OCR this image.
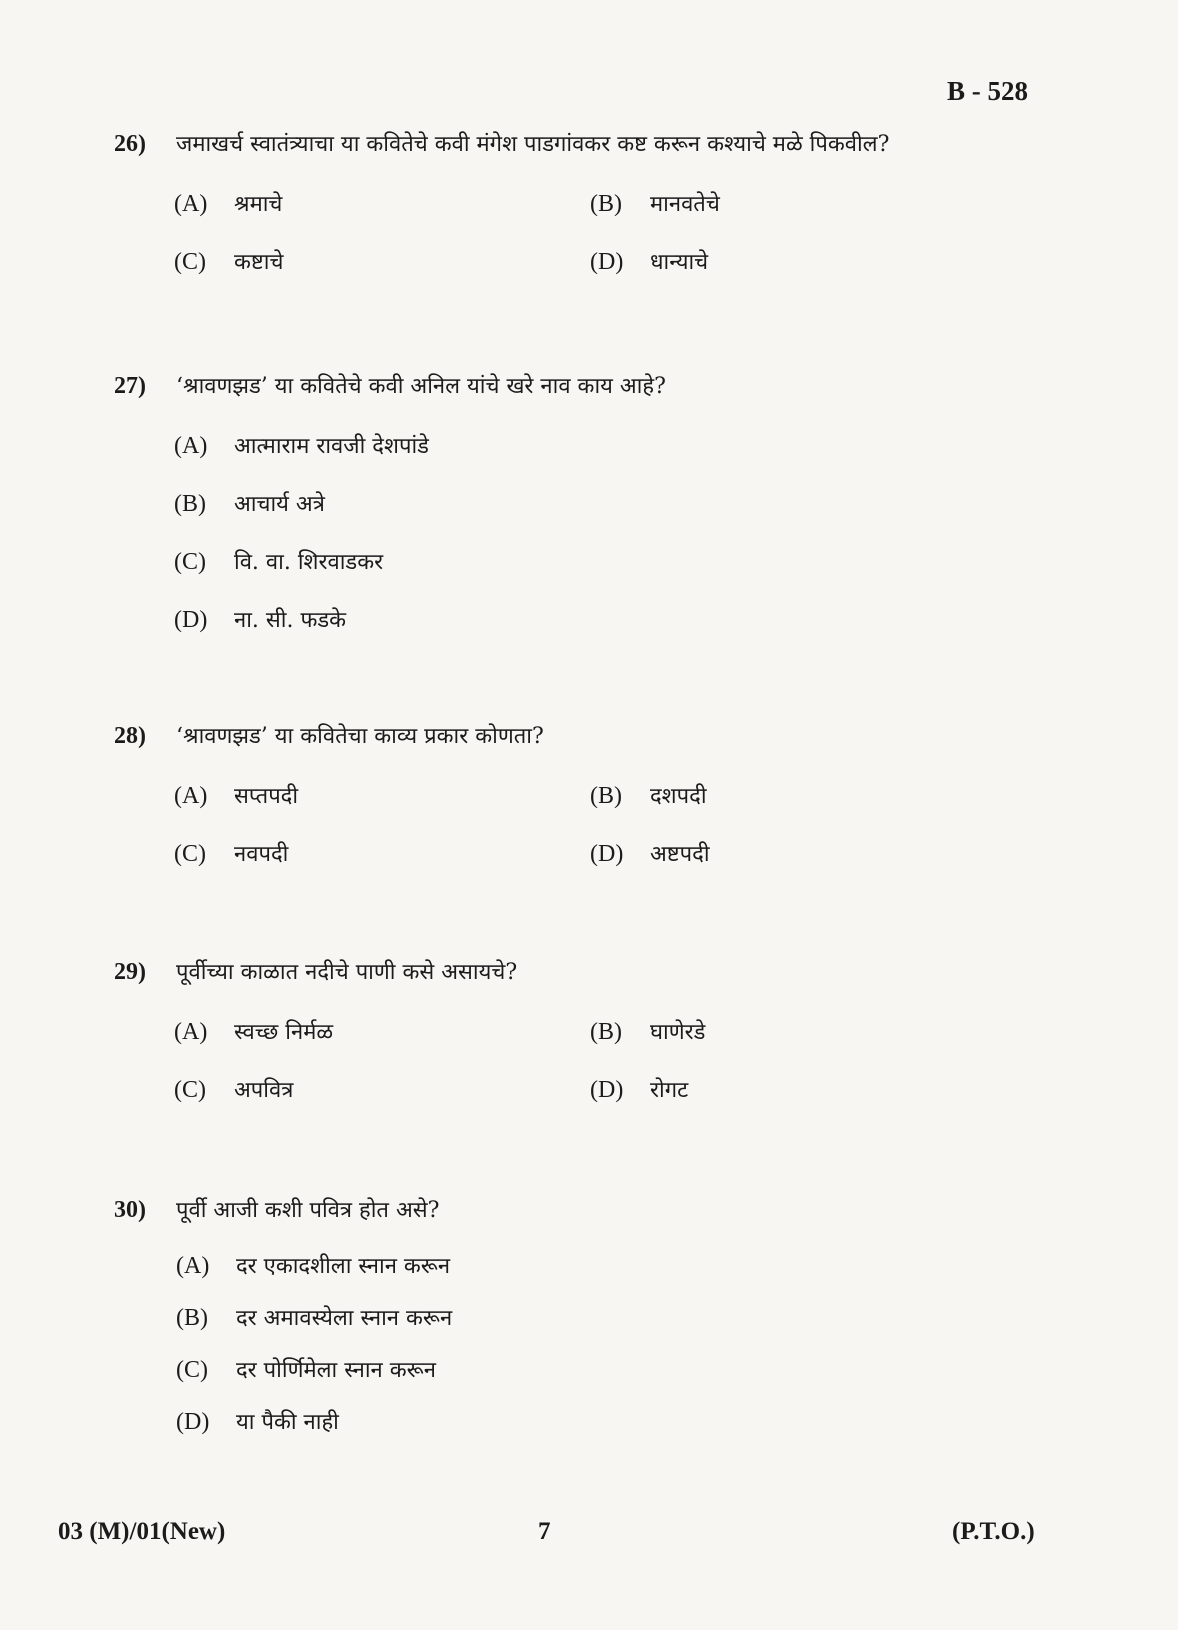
B - 528
26)	जमाखर्च स्वातंत्र्याचा या कवितेचे कवी मंगेश पाडगांवकर कष्ट करून कश्याचे मळे पिकवील?
(A)	श्रमाचे	(B)	मानवतेचे
(C)	कष्टाचे	(D)	धान्याचे
27)	‘श्रावणझड’ या कवितेचे कवी अनिल यांचे खरे नाव काय आहे?
(A)	आत्माराम रावजी देशपांडे
(B)	आचार्य अत्रे
(C)	वि. वा. शिरवाडकर
(D)	ना. सी. फडके
28)	‘श्रावणझड’ या कवितेचा काव्य प्रकार कोणता?
(A)	सप्तपदी	(B)	दशपदी
(C)	नवपदी	(D)	अष्टपदी
29)	पूर्वीच्या काळात नदीचे पाणी कसे असायचे?
(A)	स्वच्छ निर्मळ	(B)	घाणेरडे
(C)	अपवित्र	(D)	रोगट
30)	पूर्वी आजी कशी पवित्र होत असे?
(A)	दर एकादशीला स्नान करून
(B)	दर अमावस्येला स्नान करून
(C)	दर पोर्णिमेला स्नान करून
(D)	या पैकी नाही
03 (M)/01(New)	7	(P.T.O.)
